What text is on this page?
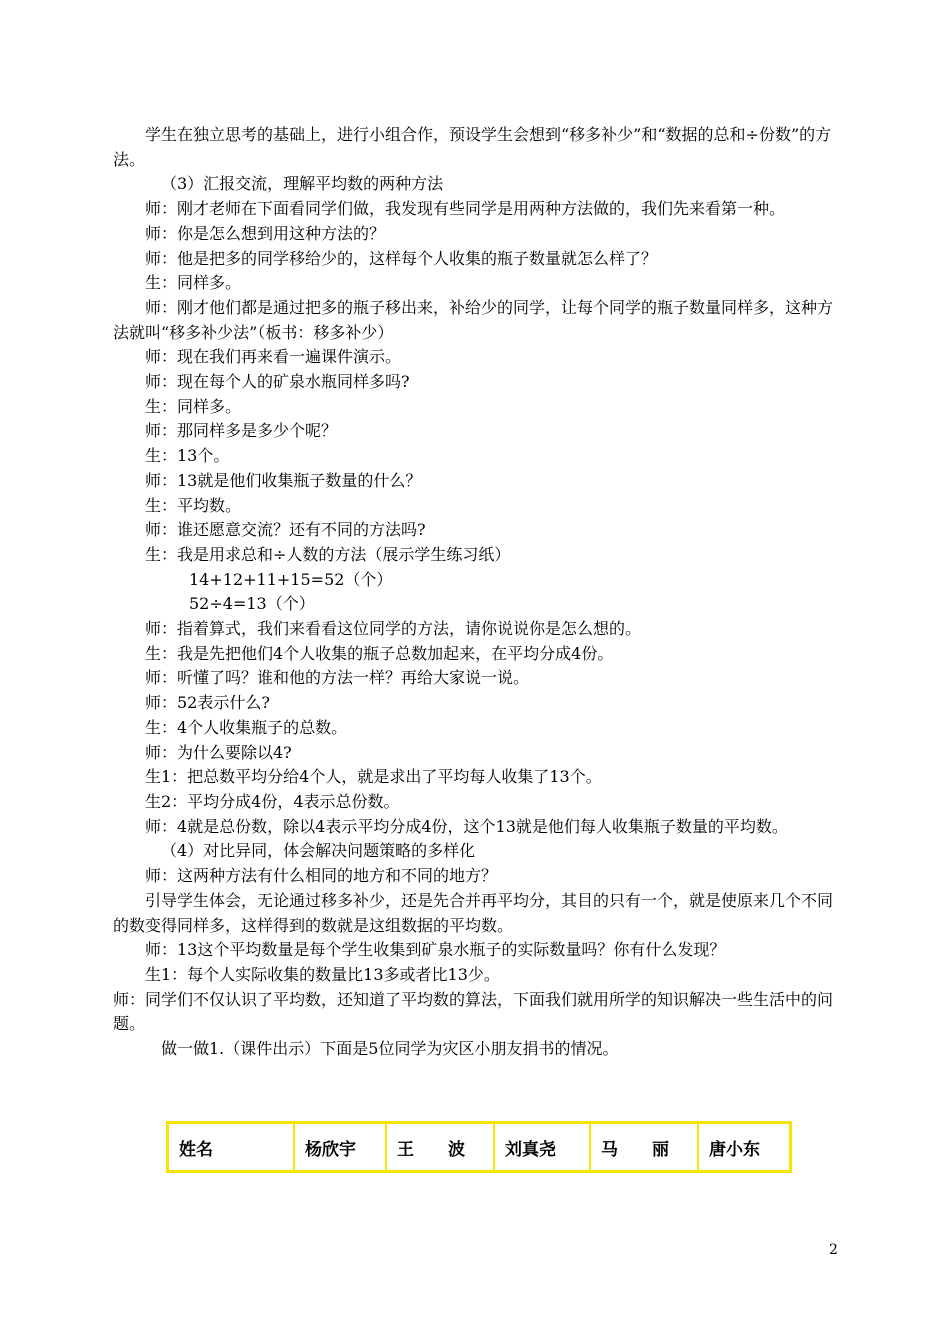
学生在独立思考的基础上，进行小组合作，预设学生会想到“移多补少”和“数据的总和÷份数”的方法。

（3）汇报交流，理解平均数的两种方法

师：刚才老师在下面看同学们做，我发现有些同学是用两种方法做的，我们先来看第一种。

师：你是怎么想到用这种方法的？

师：他是把多的同学移给少的，这样每个人收集的瓶子数量就怎么样了？

生：同样多。

师：刚才他们都是通过把多的瓶子移出来，补给少的同学，让每个同学的瓶子数量同样多，这种方法就叫“移多补少法”（板书：移多补少）

师：现在我们再来看一遍课件演示。

师：现在每个人的矿泉水瓶同样多吗?

生：同样多。

师：那同样多是多少个呢？

生：13个。

师：13就是他们收集瓶子数量的什么？

生：平均数。

师：谁还愿意交流？还有不同的方法吗?

生：我是用求总和÷人数的方法（展示学生练习纸）

14+12+11+15=52（个）

52÷4=13（个）

师：指着算式，我们来看看这位同学的方法，请你说说你是怎么想的。

生：我是先把他们4个人收集的瓶子总数加起来，在平均分成4份。

师：听懂了吗？谁和他的方法一样？再给大家说一说。

师：52表示什么?

生：4个人收集瓶子的总数。

师：为什么要除以4?

生1：把总数平均分给4个人，就是求出了平均每人收集了13个。

生2：平均分成4份，4表示总份数。

师：4就是总份数，除以4表示平均分成4份，这个13就是他们每人收集瓶子数量的平均数。

（4）对比异同，体会解决问题策略的多样化

师：这两种方法有什么相同的地方和不同的地方？

引导学生体会，无论通过移多补少，还是先合并再平均分，其目的只有一个，就是使原来几个不同的数变得同样多，这样得到的数就是这组数据的平均数。

师：13这个平均数量是每个学生收集到矿泉水瓶子的实际数量吗？你有什么发现？

生1：每个人实际收集的数量比13多或者比13少。

师：同学们不仅认识了平均数，还知道了平均数的算法，下面我们就用所学的知识解决一些生活中的问题。

做一做1.（课件出示）下面是5位同学为灾区小朋友捐书的情况。

姓名	杨欣宇	王　　波	刘真尧	马　　丽	唐小东
2
